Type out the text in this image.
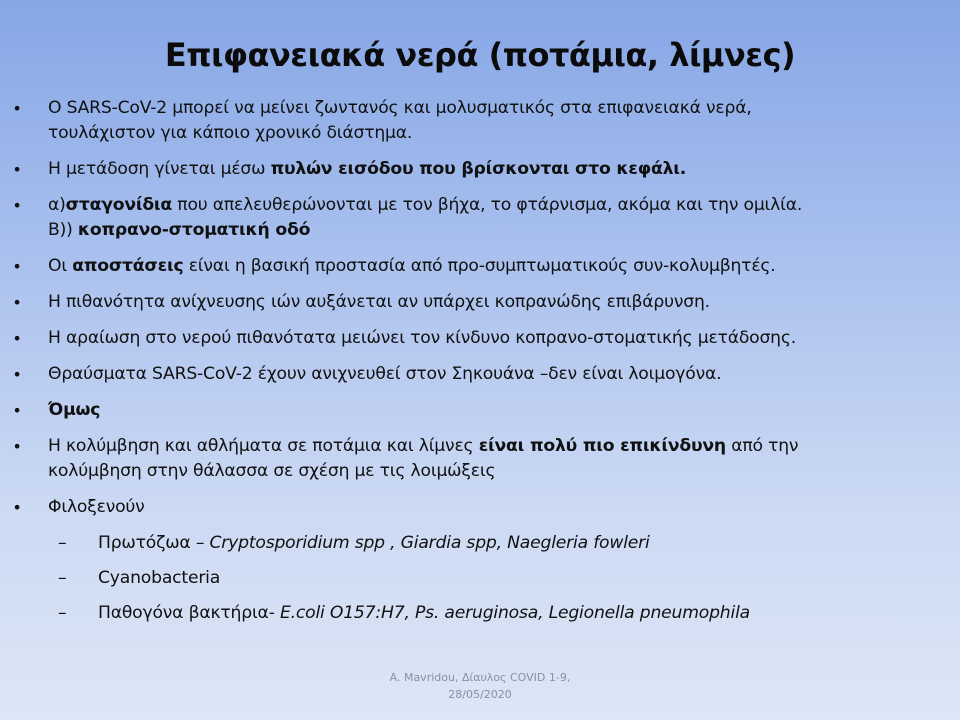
Επιφανειακά νερά (ποτάμια, λίμνες)
• Ο SARS-CoV-2 μπορεί να μείνει ζωντανός και μολυσματικός στα επιφανειακά νερά,
τουλάχιστον για κάποιο χρονικό διάστημα.
• Η μετάδοση γίνεται μέσω πυλών εισόδου που βρίσκονται στο κεφάλι.
• α)σταγονίδια που απελευθερώνονται με τον βήχα, το φτάρνισμα, ακόμα και την ομιλία.
Β)) κοπρανο-στοματική οδό
• Οι αποστάσεις είναι η βασική προστασία από προ-συμπτωματικούς συν-κολυμβητές.
• Η πιθανότητα ανίχνευσης ιών αυξάνεται αν υπάρχει κοπρανώδης επιβάρυνση.
• Η αραίωση στο νερού πιθανότατα μειώνει τον κίνδυνο κοπρανο-στοματικής μετάδοσης.
• Θραύσματα SARS-CoV-2 έχουν ανιχνευθεί στον Σηκουάνα –δεν είναι λοιμογόνα.
• Όμως
• Η κολύμβηση και αθλήματα σε ποτάμια και λίμνες είναι πολύ πιο επικίνδυνη από την
κολύμβηση στην θάλασσα σε σχέση με τις λοιμώξεις
• Φιλοξενούν
– Πρωτόζωα – Cryptosporidium spp , Giardia spp, Naegleria fowleri
– Cyanobacteria
– Παθογόνα βακτήρια- E.coli O157:H7, Ps. aeruginosa, Legionella pneumophila
A. Mavridou, Δίαυλος COVID 1-9,
28/05/2020
